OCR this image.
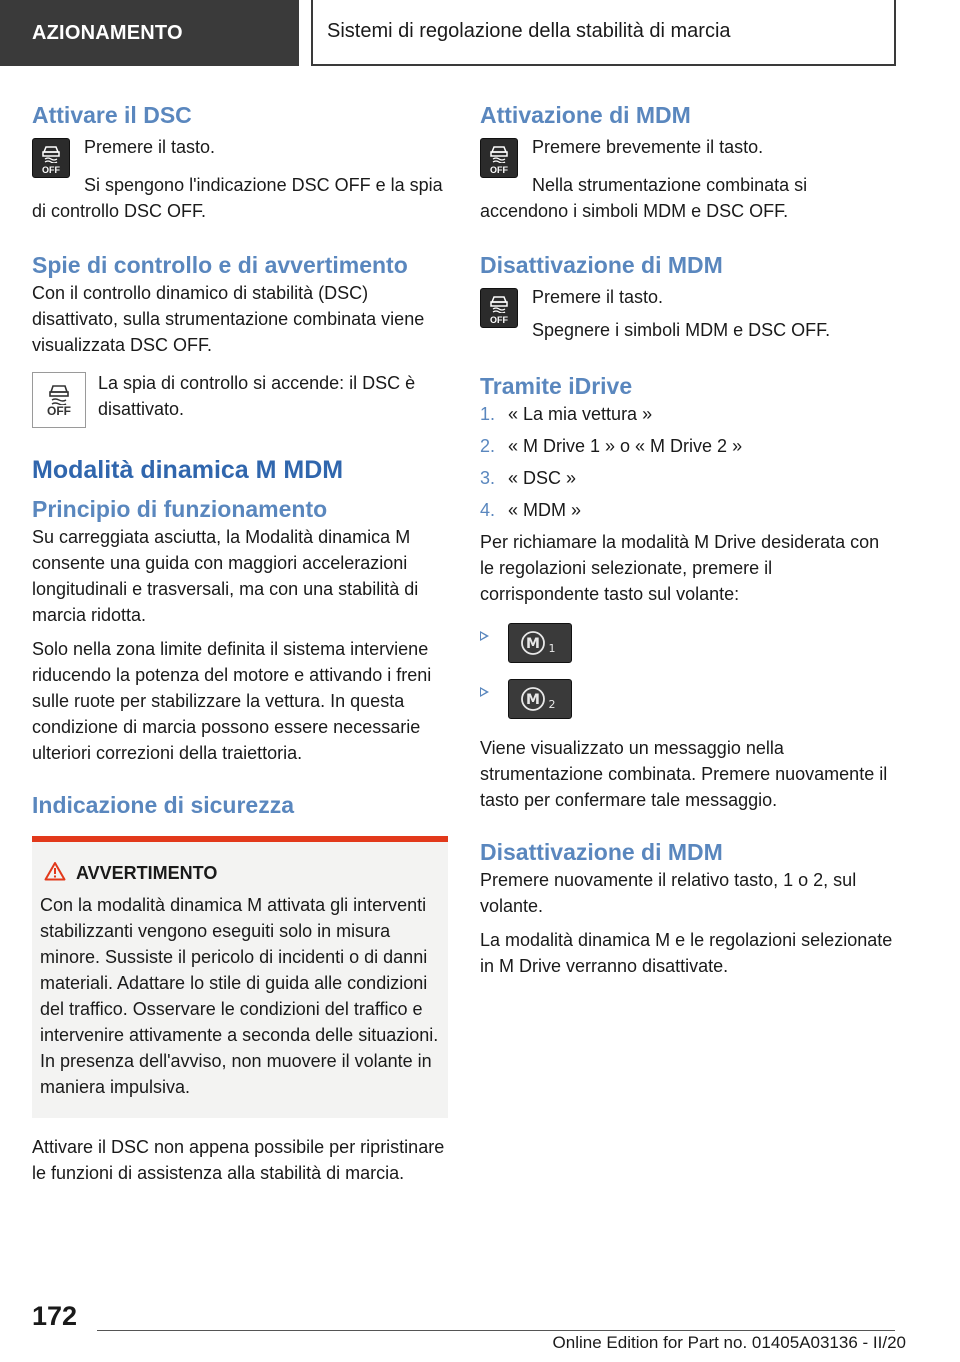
AZIONAMENTO	Sistemi di regolazione della stabilità di marcia
Attivare il DSC
OFF

Premere il tasto.

Si spengono l'indicazione DSC OFF e la spia di controllo DSC OFF.

Spie di controllo e di avvertimento

Con il controllo dinamico di stabilità (DSC) disattivato, sulla strumentazione combinata viene visualizzata DSC OFF.

OFF

La spia di controllo si accende: il DSC è disattivato.

Modalità dinamica M MDM
Principio di funzionamento

Su carreggiata asciutta, la Modalità dinamica M consente una guida con maggiori accelerazioni longitudinali e trasversali, ma con una stabilità di marcia ridotta.

Solo nella zona limite definita il sistema interviene riducendo la potenza del motore e attivando i freni sulle ruote per stabilizzare la vettura. In questa condizione di marcia possono essere necessarie ulteriori correzioni della traiettoria.

Indicazione di sicurezza
AVVERTIMENTO

Con la modalità dinamica M attivata gli interventi stabilizzanti vengono eseguiti solo in misura minore. Sussiste il pericolo di incidenti o di danni materiali. Adattare lo stile di guida alle condizioni del traffico. Osservare le condizioni del traffico e intervenire attivamente a seconda delle situazioni. In presenza dell'avviso, non muovere il volante in maniera impulsiva.

Attivare il DSC non appena possibile per ripristinare le funzioni di assistenza alla stabilità di marcia.

Attivazione di MDM
OFF

Premere brevemente il tasto.

Nella strumentazione combinata si accendono i simboli MDM e DSC OFF.

Disattivazione di MDM
OFF

Premere il tasto.

Spegnere i simboli MDM e DSC OFF.

Tramite iDrive
1. « La mia vettura »
2. « M Drive 1 » o « M Drive 2 »
3. « DSC »
4. « MDM »

Per richiamare la modalità M Drive desiderata con le regolazioni selezionate, premere il corrispondente tasto sul volante:

M 1
M 2

Viene visualizzato un messaggio nella strumentazione combinata. Premere nuovamente il tasto per confermare tale messaggio.

Disattivazione di MDM

Premere nuovamente il relativo tasto, 1 o 2, sul volante.

La modalità dinamica M e le regolazioni selezionate in M Drive verranno disattivate.

172
Online Edition for Part no. 01405A03136 - II/20
